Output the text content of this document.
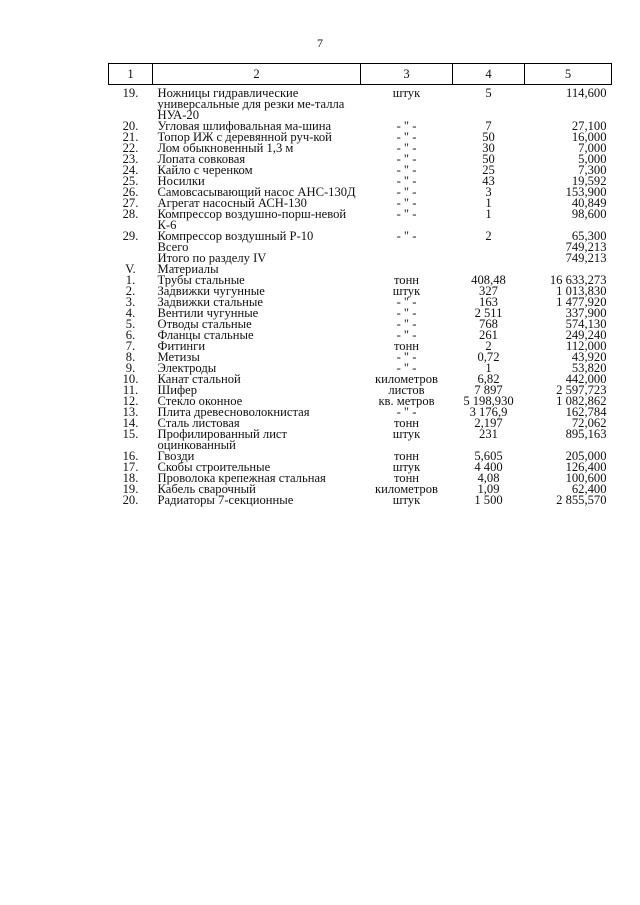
7
1	2	3	4	5
19.	Ножницы гидравлические универсальные для резки ме-талла НУА-20	штук	5	114,600
20.	Угловая шлифовальная ма-шина	- " -	7	27,100
21.	Топор ИЖ с деревянной руч-кой	- " -	50	16,000
22.	Лом обыкновенный 1,3 м	- " -	30	7,000
23.	Лопата совковая	- " -	50	5,000
24.	Кайло с черенком	- " -	25	7,300
25.	Носилки	- " -	43	19,592
26.	Самовсасывающий насос АНС-130Д	- " -	3	153,900
27.	Агрегат насосный АСН-130	- " -	1	40,849
28.	Компрессор воздушно-порш-невой К-6	- " -	1	98,600
29.	Компрессор воздушный Р-10	- " -	2	65,300
	Всего			749,213
	Итого по разделу IV			749,213
V.	Материалы			
1.	Трубы стальные	тонн	408,48	16 633,273
2.	Задвижки чугунные	штук	327	1 013,830
3.	Задвижки стальные	- " -	163	1 477,920
4.	Вентили чугунные	- " -	2 511	337,900
5.	Отводы стальные	- " -	768	574,130
6.	Фланцы стальные	- " -	261	249,240
7.	Фитинги	тонн	2	112,000
8.	Метизы	- " -	0,72	43,920
9.	Электроды	- " -	1	53,820
10.	Канат стальной	километров	6,82	442,000
11.	Шифер	листов	7 897	2 597,723
12.	Стекло оконное	кв. метров	5 198,930	1 082,862
13.	Плита древесноволокнистая	- " -	3 176,9	162,784
14.	Сталь листовая	тонн	2,197	72,062
15.	Профилированный лист оцинкованный	штук	231	895,163
16.	Гвозди	тонн	5,605	205,000
17.	Скобы строительные	штук	4 400	126,400
18.	Проволока крепежная стальная	тонн	4,08	100,600
19.	Кабель сварочный	километров	1,09	62,400
20.	Радиаторы 7-секционные	штук	1 500	2 855,570
